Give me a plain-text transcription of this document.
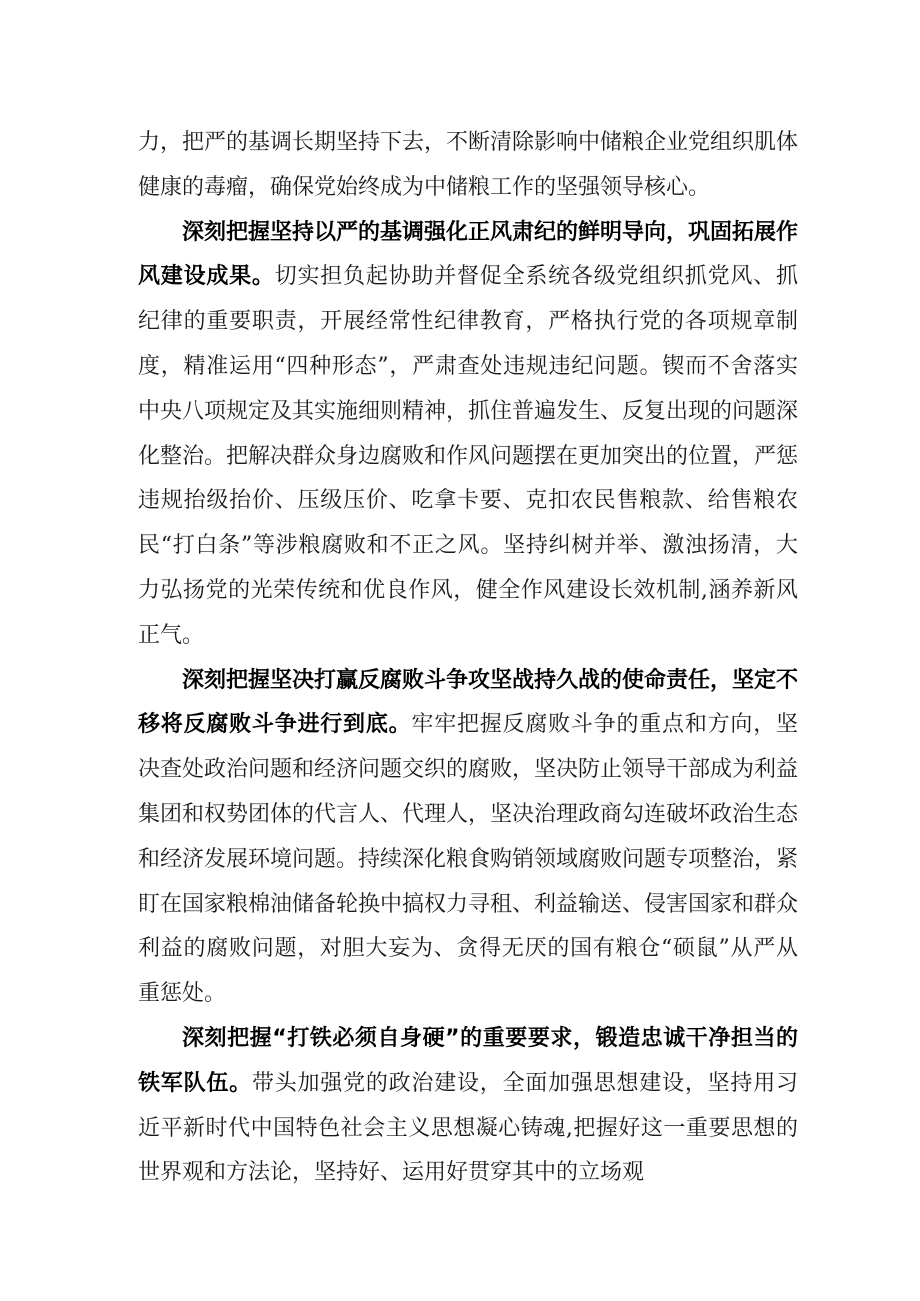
力，把严的基调长期坚持下去，不断清除影响中储粮企业党组织肌体健康的毒瘤，确保党始终成为中储粮工作的坚强领导核心。

深刻把握坚持以严的基调强化正风肃纪的鲜明导向，巩固拓展作风建设成果。切实担负起协助并督促全系统各级党组织抓党风、抓纪律的重要职责，开展经常性纪律教育，严格执行党的各项规章制度，精准运用“四种形态”，严肃查处违规违纪问题。锲而不舍落实中央八项规定及其实施细则精神，抓住普遍发生、反复出现的问题深化整治。把解决群众身边腐败和作风问题摆在更加突出的位置，严惩违规抬级抬价、压级压价、吃拿卡要、克扣农民售粮款、给售粮农民“打白条”等涉粮腐败和不正之风。坚持纠树并举、激浊扬清，大力弘扬党的光荣传统和优良作风，健全作风建设长效机制,涵养新风正气。

深刻把握坚决打赢反腐败斗争攻坚战持久战的使命责任，坚定不移将反腐败斗争进行到底。牢牢把握反腐败斗争的重点和方向，坚决查处政治问题和经济问题交织的腐败，坚决防止领导干部成为利益集团和权势团体的代言人、代理人，坚决治理政商勾连破坏政治生态和经济发展环境问题。持续深化粮食购销领域腐败问题专项整治，紧盯在国家粮棉油储备轮换中搞权力寻租、利益输送、侵害国家和群众利益的腐败问题，对胆大妄为、贪得无厌的国有粮仓“硕鼠”从严从重惩处。

深刻把握“打铁必须自身硬”的重要要求，锻造忠诚干净担当的铁军队伍。带头加强党的政治建设，全面加强思想建设，坚持用习近平新时代中国特色社会主义思想凝心铸魂,把握好这一重要思想的世界观和方法论，坚持好、运用好贯穿其中的立场观
